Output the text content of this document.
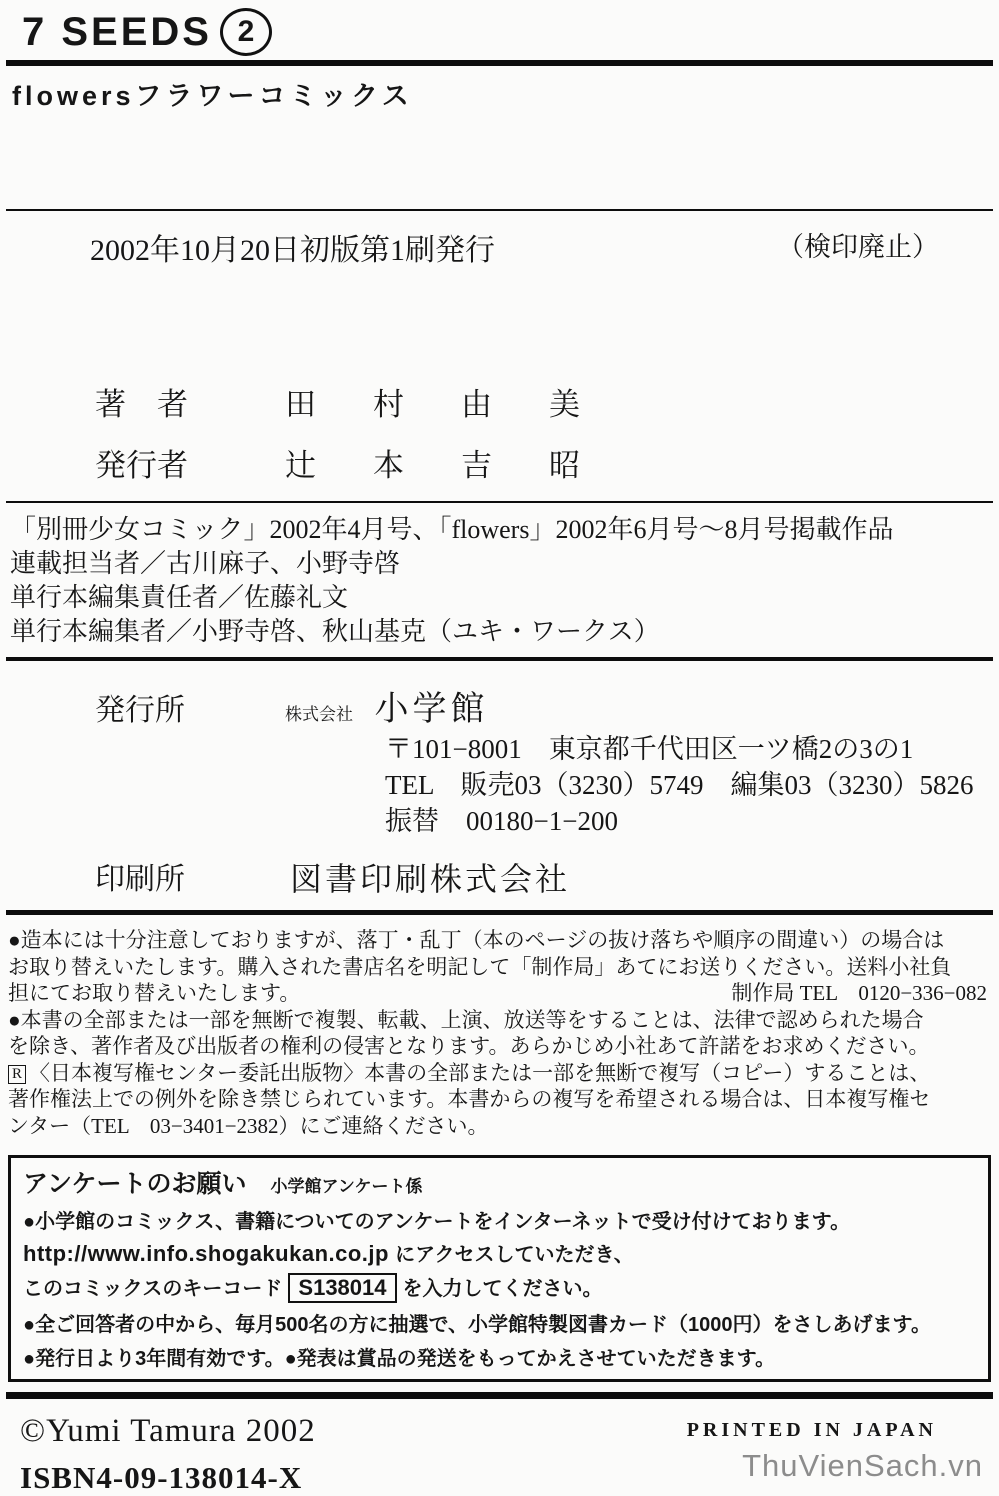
7 SEEDS 2
flowersフラワーコミックス
2002年10月20日初版第1刷発行	（検印廃止）
著　者	田　村　由　美
発行者	辻　本　吉　昭
「別冊少女コミック」2002年4月号、「flowers」2002年6月号～8月号掲載作品
連載担当者／古川麻子、小野寺啓
単行本編集責任者／佐藤礼文
単行本編集者／小野寺啓、秋山基克（ユキ・ワークス）
発行所	株式会社 小学館
〒101−8001　東京都千代田区一ツ橋2の3の1
TEL　販売03（3230）5749　編集03（3230）5826
振替　00180−1−200
印刷所	図書印刷株式会社
●造本には十分注意しておりますが、落丁・乱丁（本のページの抜け落ちや順序の間違い）の場合は
お取り替えいたします。購入された書店名を明記して「制作局」あてにお送りください。送料小社負
担にてお取り替えいたします。	制作局 TEL　0120−336−082
●本書の全部または一部を無断で複製、転載、上演、放送等をすることは、法律で認められた場合
を除き、著作者及び出版者の権利の侵害となります。あらかじめ小社あて許諾をお求めください。
R 〈日本複写権センター委託出版物〉本書の全部または一部を無断で複写（コピー）することは、
著作権法上での例外を除き禁じられています。本書からの複写を希望される場合は、日本複写権セ
ンター（TEL　03−3401−2382）にご連絡ください。
アンケートのお願い 小学館アンケート係
●小学館のコミックス、書籍についてのアンケートをインターネットで受け付けております。
http://www.info.shogakukan.co.jp にアクセスしていただき、
このコミックスのキーコード S138014 を入力してください。
●全ご回答者の中から、毎月500名の方に抽選で、小学館特製図書カード（1000円）をさしあげます。
●発行日より3年間有効です。●発表は賞品の発送をもってかえさせていただきます。
©Yumi Tamura 2002
ISBN4-09-138014-X
PRINTED IN JAPAN
ThuVienSach.vn
